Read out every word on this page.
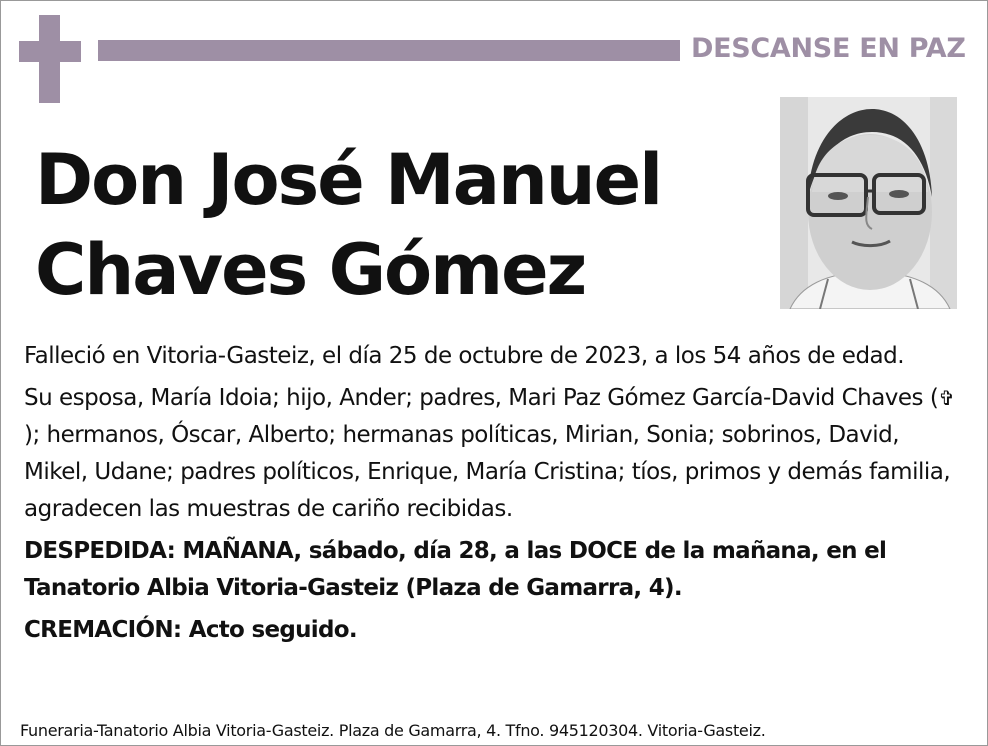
DESCANSE EN PAZ
Don José Manuel
Chaves Gómez

Falleció en Vitoria-Gasteiz, el día 25 de octubre de 2023, a los 54 años de edad.

Su esposa, María Idoia; hijo, Ander; padres, Mari Paz Gómez García-David Chaves (✞); hermanos, Óscar, Alberto; hermanas políticas, Mirian, Sonia; sobrinos, David, Mikel, Udane; padres políticos, Enrique, María Cristina; tíos, primos y demás familia, agradecen las muestras de cariño recibidas.

DESPEDIDA: MAÑANA, sábado, día 28, a las DOCE de la mañana, en el Tanatorio Albia Vitoria-Gasteiz (Plaza de Gamarra, 4).

CREMACIÓN: Acto seguido.

Funeraria-Tanatorio Albia Vitoria-Gasteiz. Plaza de Gamarra, 4. Tfno. 945120304. Vitoria-Gasteiz.
